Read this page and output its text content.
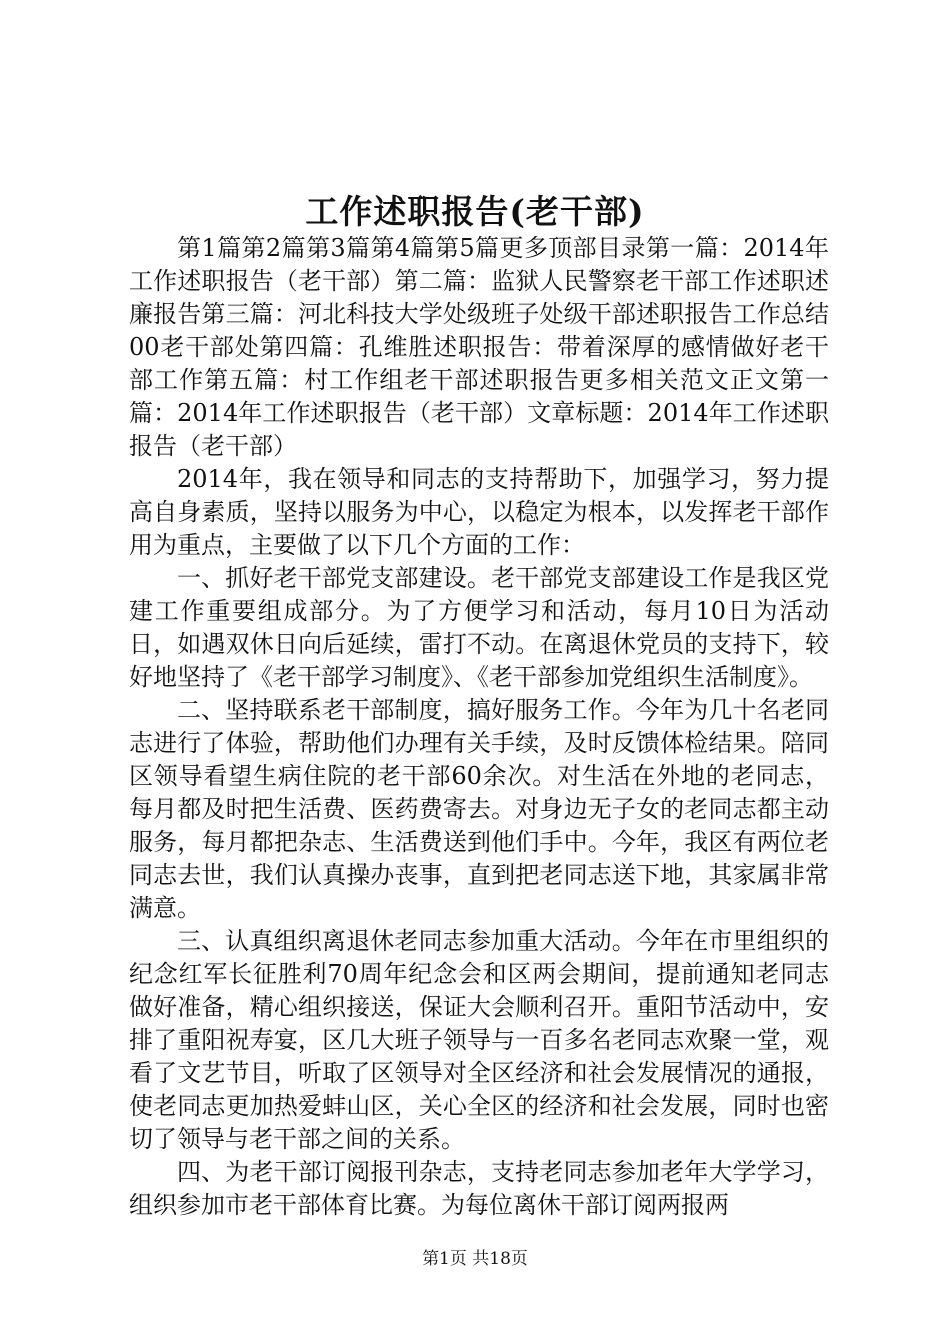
工作述职报告(老干部)

第1篇第2篇第3篇第4篇第5篇更多顶部目录第一篇：2014年工作述职报告（老干部）第二篇：监狱人民警察老干部工作述职述廉报告第三篇：河北科技大学处级班子处级干部述职报告工作总结00老干部处第四篇：孔维胜述职报告：带着深厚的感情做好老干部工作第五篇：村工作组老干部述职报告更多相关范文正文第一篇：2014年工作述职报告（老干部）文章标题：2014年工作述职报告（老干部）

2014年，我在领导和同志的支持帮助下，加强学习，努力提高自身素质，坚持以服务为中心，以稳定为根本，以发挥老干部作用为重点，主要做了以下几个方面的工作：

一、抓好老干部党支部建设。老干部党支部建设工作是我区党建工作重要组成部分。为了方便学习和活动，每月10日为活动日，如遇双休日向后延续，雷打不动。在离退休党员的支持下，较好地坚持了《老干部学习制度》、《老干部参加党组织生活制度》。

二、坚持联系老干部制度，搞好服务工作。今年为几十名老同志进行了体验，帮助他们办理有关手续，及时反馈体检结果。陪同区领导看望生病住院的老干部60余次。对生活在外地的老同志，每月都及时把生活费、医药费寄去。对身边无子女的老同志都主动服务，每月都把杂志、生活费送到他们手中。今年，我区有两位老同志去世，我们认真操办丧事，直到把老同志送下地，其家属非常满意。

三、认真组织离退休老同志参加重大活动。今年在市里组织的纪念红军长征胜利70周年纪念会和区两会期间，提前通知老同志做好准备，精心组织接送，保证大会顺利召开。重阳节活动中，安排了重阳祝寿宴，区几大班子领导与一百多名老同志欢聚一堂，观看了文艺节目，听取了区领导对全区经济和社会发展情况的通报，使老同志更加热爱蚌山区，关心全区的经济和社会发展，同时也密切了领导与老干部之间的关系。

四、为老干部订阅报刊杂志，支持老同志参加老年大学学习，组织参加市老干部体育比赛。为每位离休干部订阅两报两

第1页 共18页
